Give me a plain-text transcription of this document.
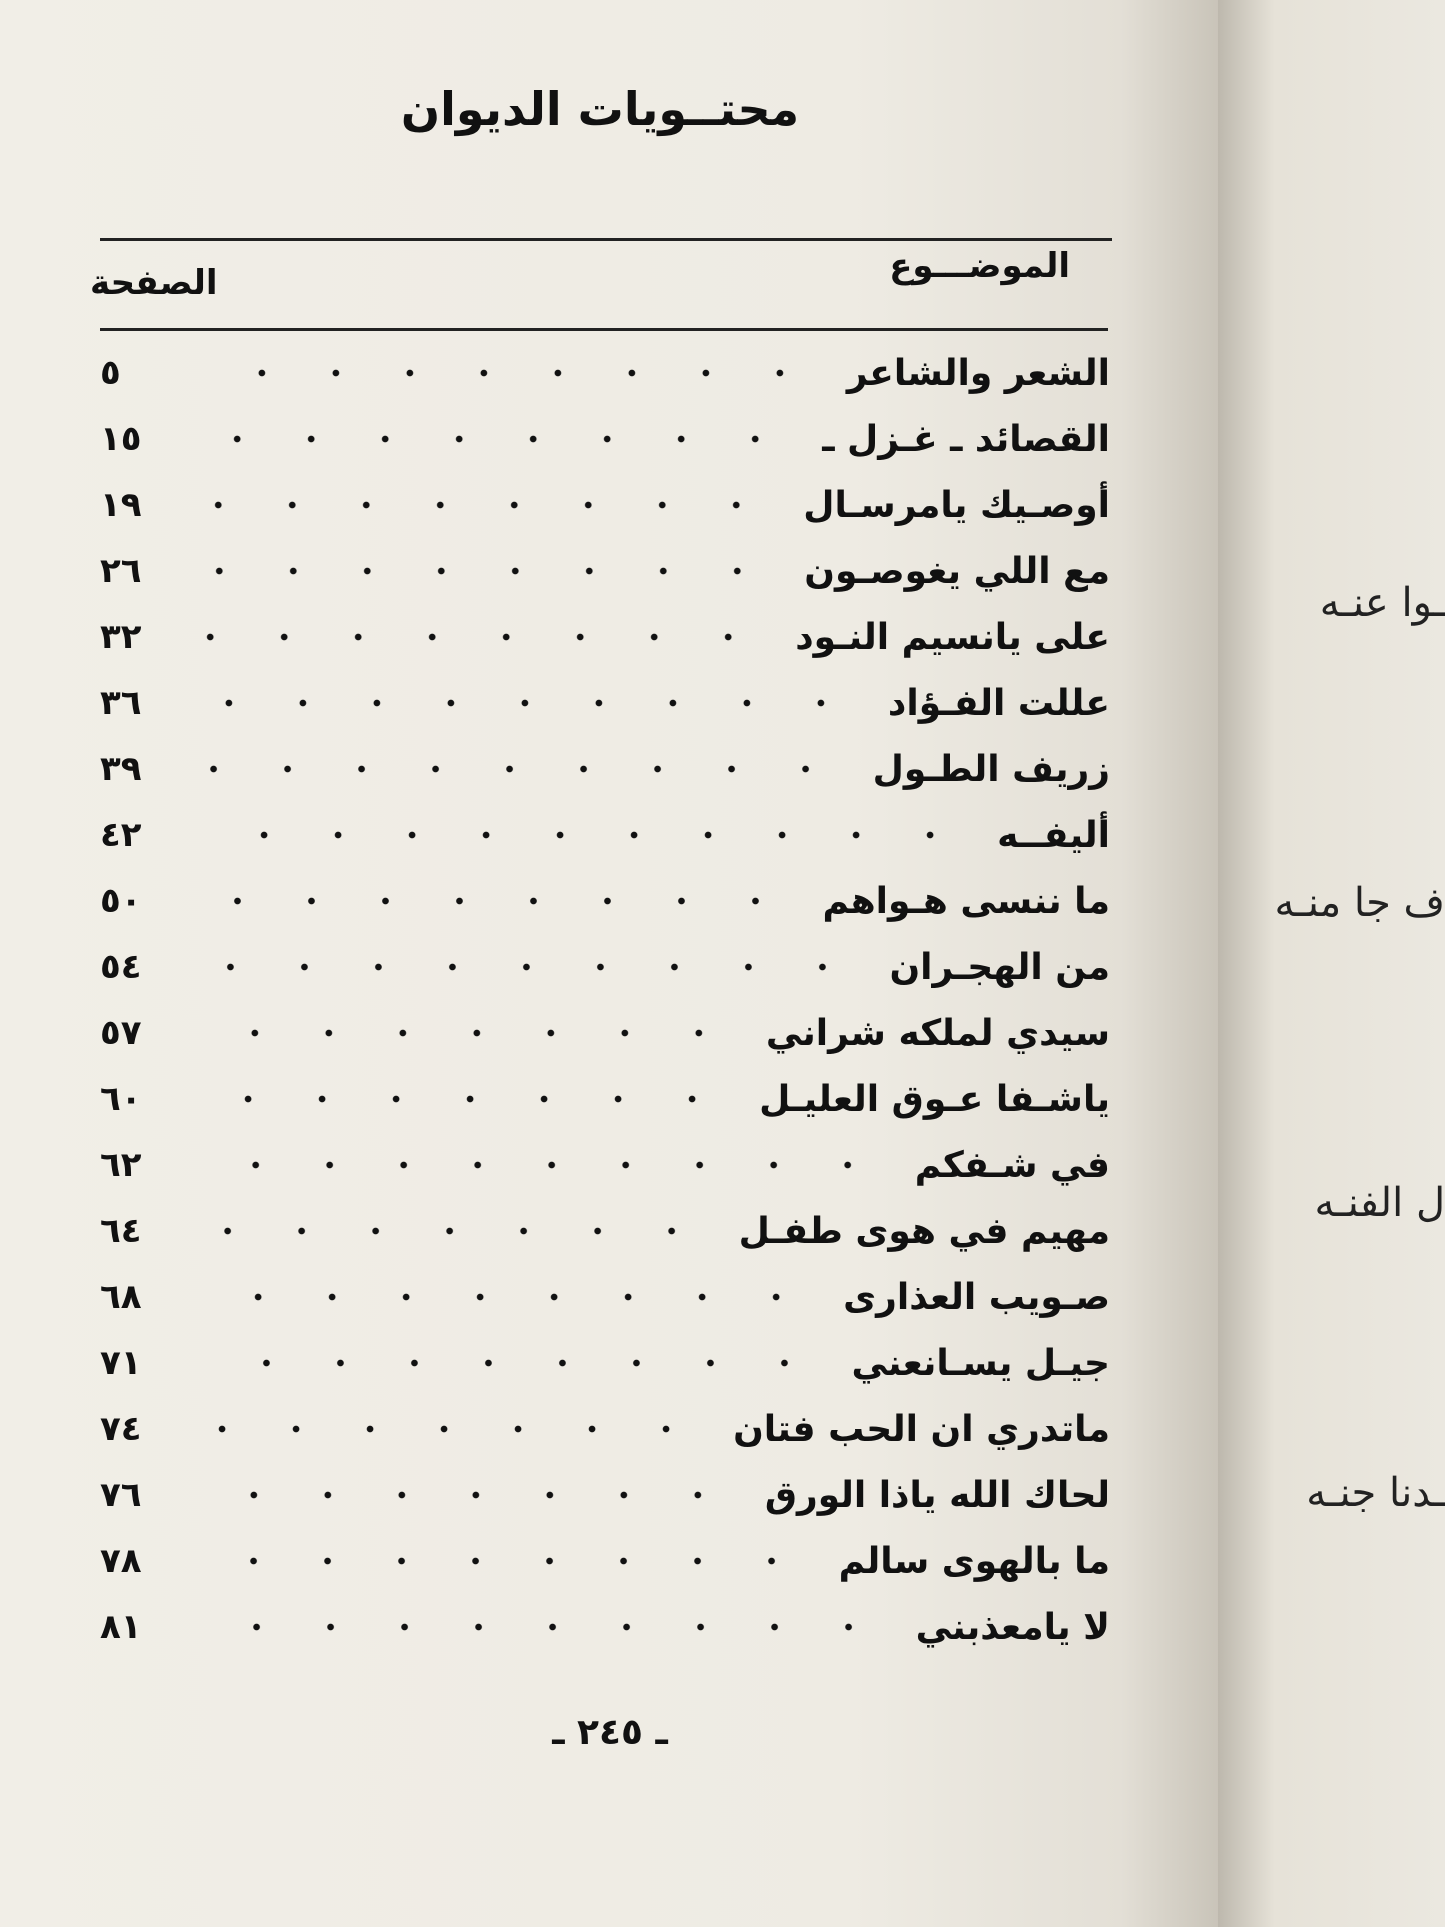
محتــويات الديوان
الموضـــوع
الصفحة
الشعر والشاعر
٥
القصائد ـ غـزل ـ
١٥
أوصـيك يامرسـال
١٩
مع اللي يغوصـون
٢٦
على يانسيم النـود
٣٢
عللت الفـؤاد
٣٦
زريف الطـول
٣٩
أليفــه
٤٢
ما ننسى هـواهم
٥٠
من الهجـران
٥٤
سيدي لملكه شراني
٥٧
ياشـفا عـوق العليـل
٦٠
في شـفكم
٦٢
مهيم في هوى طفـل
٦٤
صـويب العذارى
٦٨
جيـل يسـانعني
٧١
ماتدري ان الحب فتان
٧٤
لحاك الله ياذا الورق
٧٦
ما بالهوى سالم
٧٨
لا يامعذبني
٨١
ـ ٢٤٥ ـ
ـوا عنـه
ف جا منـه
ل الفنـه
ـدنا جنـه
